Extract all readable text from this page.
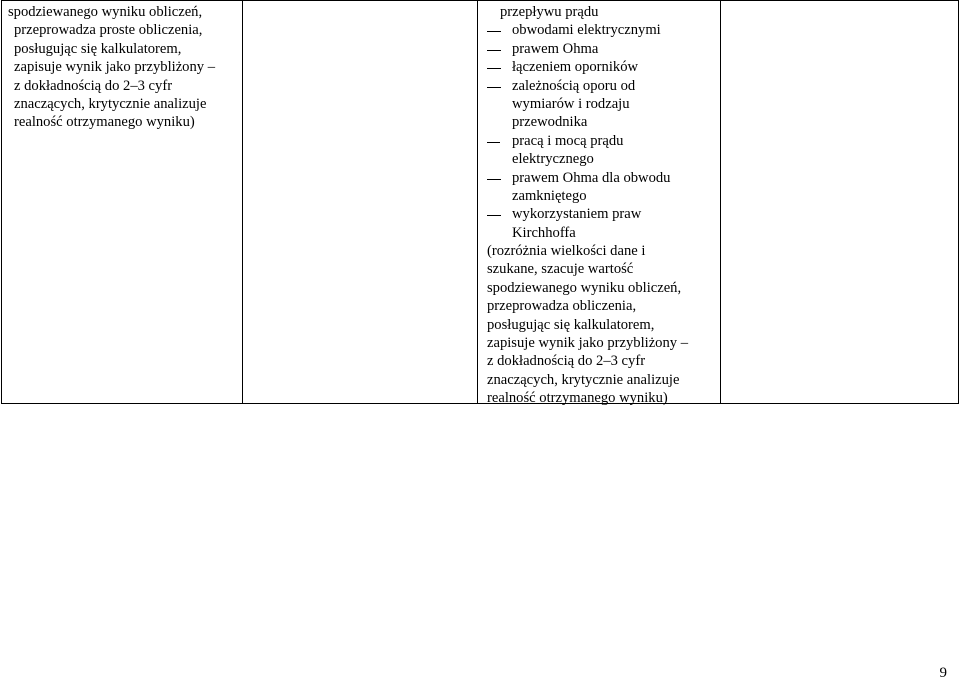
spodziewanego wyniku obliczeń,
przeprowadza proste obliczenia,
posługując się kalkulatorem,
zapisuje wynik jako przybliżony –
z dokładnością do 2–3 cyfr
znaczących, krytycznie analizuje
realność otrzymanego wyniku)
przepływu prądu
obwodami elektrycznymi
prawem Ohma
łączeniem oporników
zależnością oporu od
wymiarów i rodzaju
przewodnika
pracą i mocą prądu
elektrycznego
prawem Ohma dla obwodu
zamkniętego
wykorzystaniem praw
Kirchhoffa
(rozróżnia wielkości dane i
szukane, szacuje wartość
spodziewanego wyniku obliczeń,
przeprowadza obliczenia,
posługując się kalkulatorem,
zapisuje wynik jako przybliżony –
z dokładnością do 2–3 cyfr
znaczących, krytycznie analizuje
realność otrzymanego wyniku)
9
